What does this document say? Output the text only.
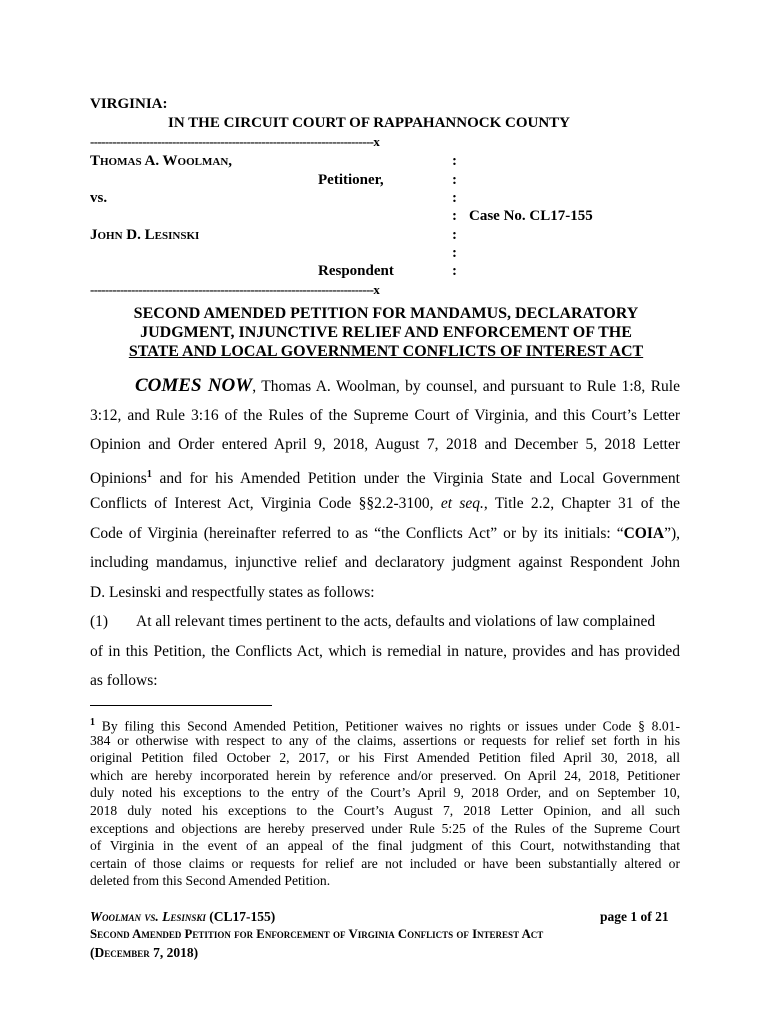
VIRGINIA:
IN THE CIRCUIT COURT OF RAPPAHANNOCK COUNTY
----------------------------------------------------------------------------x
Thomas A. Woolman,
Petitioner,
vs.
Case No. CL17-155
John D. Lesinski
Respondent
:
:
:
:
:
:
:
----------------------------------------------------------------------------x
SECOND AMENDED PETITION FOR MANDAMUS, DECLARATORY
JUDGMENT, INJUNCTIVE RELIEF AND ENFORCEMENT OF THE
STATE AND LOCAL GOVERNMENT CONFLICTS OF INTEREST ACT
COMES NOW, Thomas A. Woolman, by counsel, and pursuant to Rule 1:8, Rule
3:12, and Rule 3:16 of the Rules of the Supreme Court of Virginia, and this Court’s Letter
Opinion and Order entered April 9, 2018, August 7, 2018 and December 5, 2018 Letter
Opinions$^1$ and for his Amended Petition under the Virginia State and Local Government
Conflicts of Interest Act, Virginia Code §§2.2-3100, et seq., Title 2.2, Chapter 31 of the
Code of Virginia (hereinafter referred to as “the Conflicts Act” or by its initials: “COIA”),
including mandamus, injunctive relief and declaratory judgment against Respondent John
D. Lesinski and respectfully states as follows:
(1) At all relevant times pertinent to the acts, defaults and violations of law complained
of in this Petition, the Conflicts Act, which is remedial in nature, provides and has provided
as follows:
$^1$ By filing this Second Amended Petition, Petitioner waives no rights or issues under Code § 8.01-
384 or otherwise with respect to any of the claims, assertions or requests for relief set forth in his
original Petition filed October 2, 2017, or his First Amended Petition filed April 30, 2018, all
which are hereby incorporated herein by reference and/or preserved. On April 24, 2018, Petitioner
duly noted his exceptions to the entry of the Court’s April 9, 2018 Order, and on September 10,
2018 duly noted his exceptions to the Court’s August 7, 2018 Letter Opinion, and all such
exceptions and objections are hereby preserved under Rule 5:25 of the Rules of the Supreme Court
of Virginia in the event of an appeal of the final judgment of this Court, notwithstanding that
certain of those claims or requests for relief are not included or have been substantially altered or
deleted from this Second Amended Petition.
Woolman vs. Lesinski (CL17-155)	page 1 of 21
Second Amended Petition for Enforcement of Virginia Conflicts of Interest Act
(December 7, 2018)
